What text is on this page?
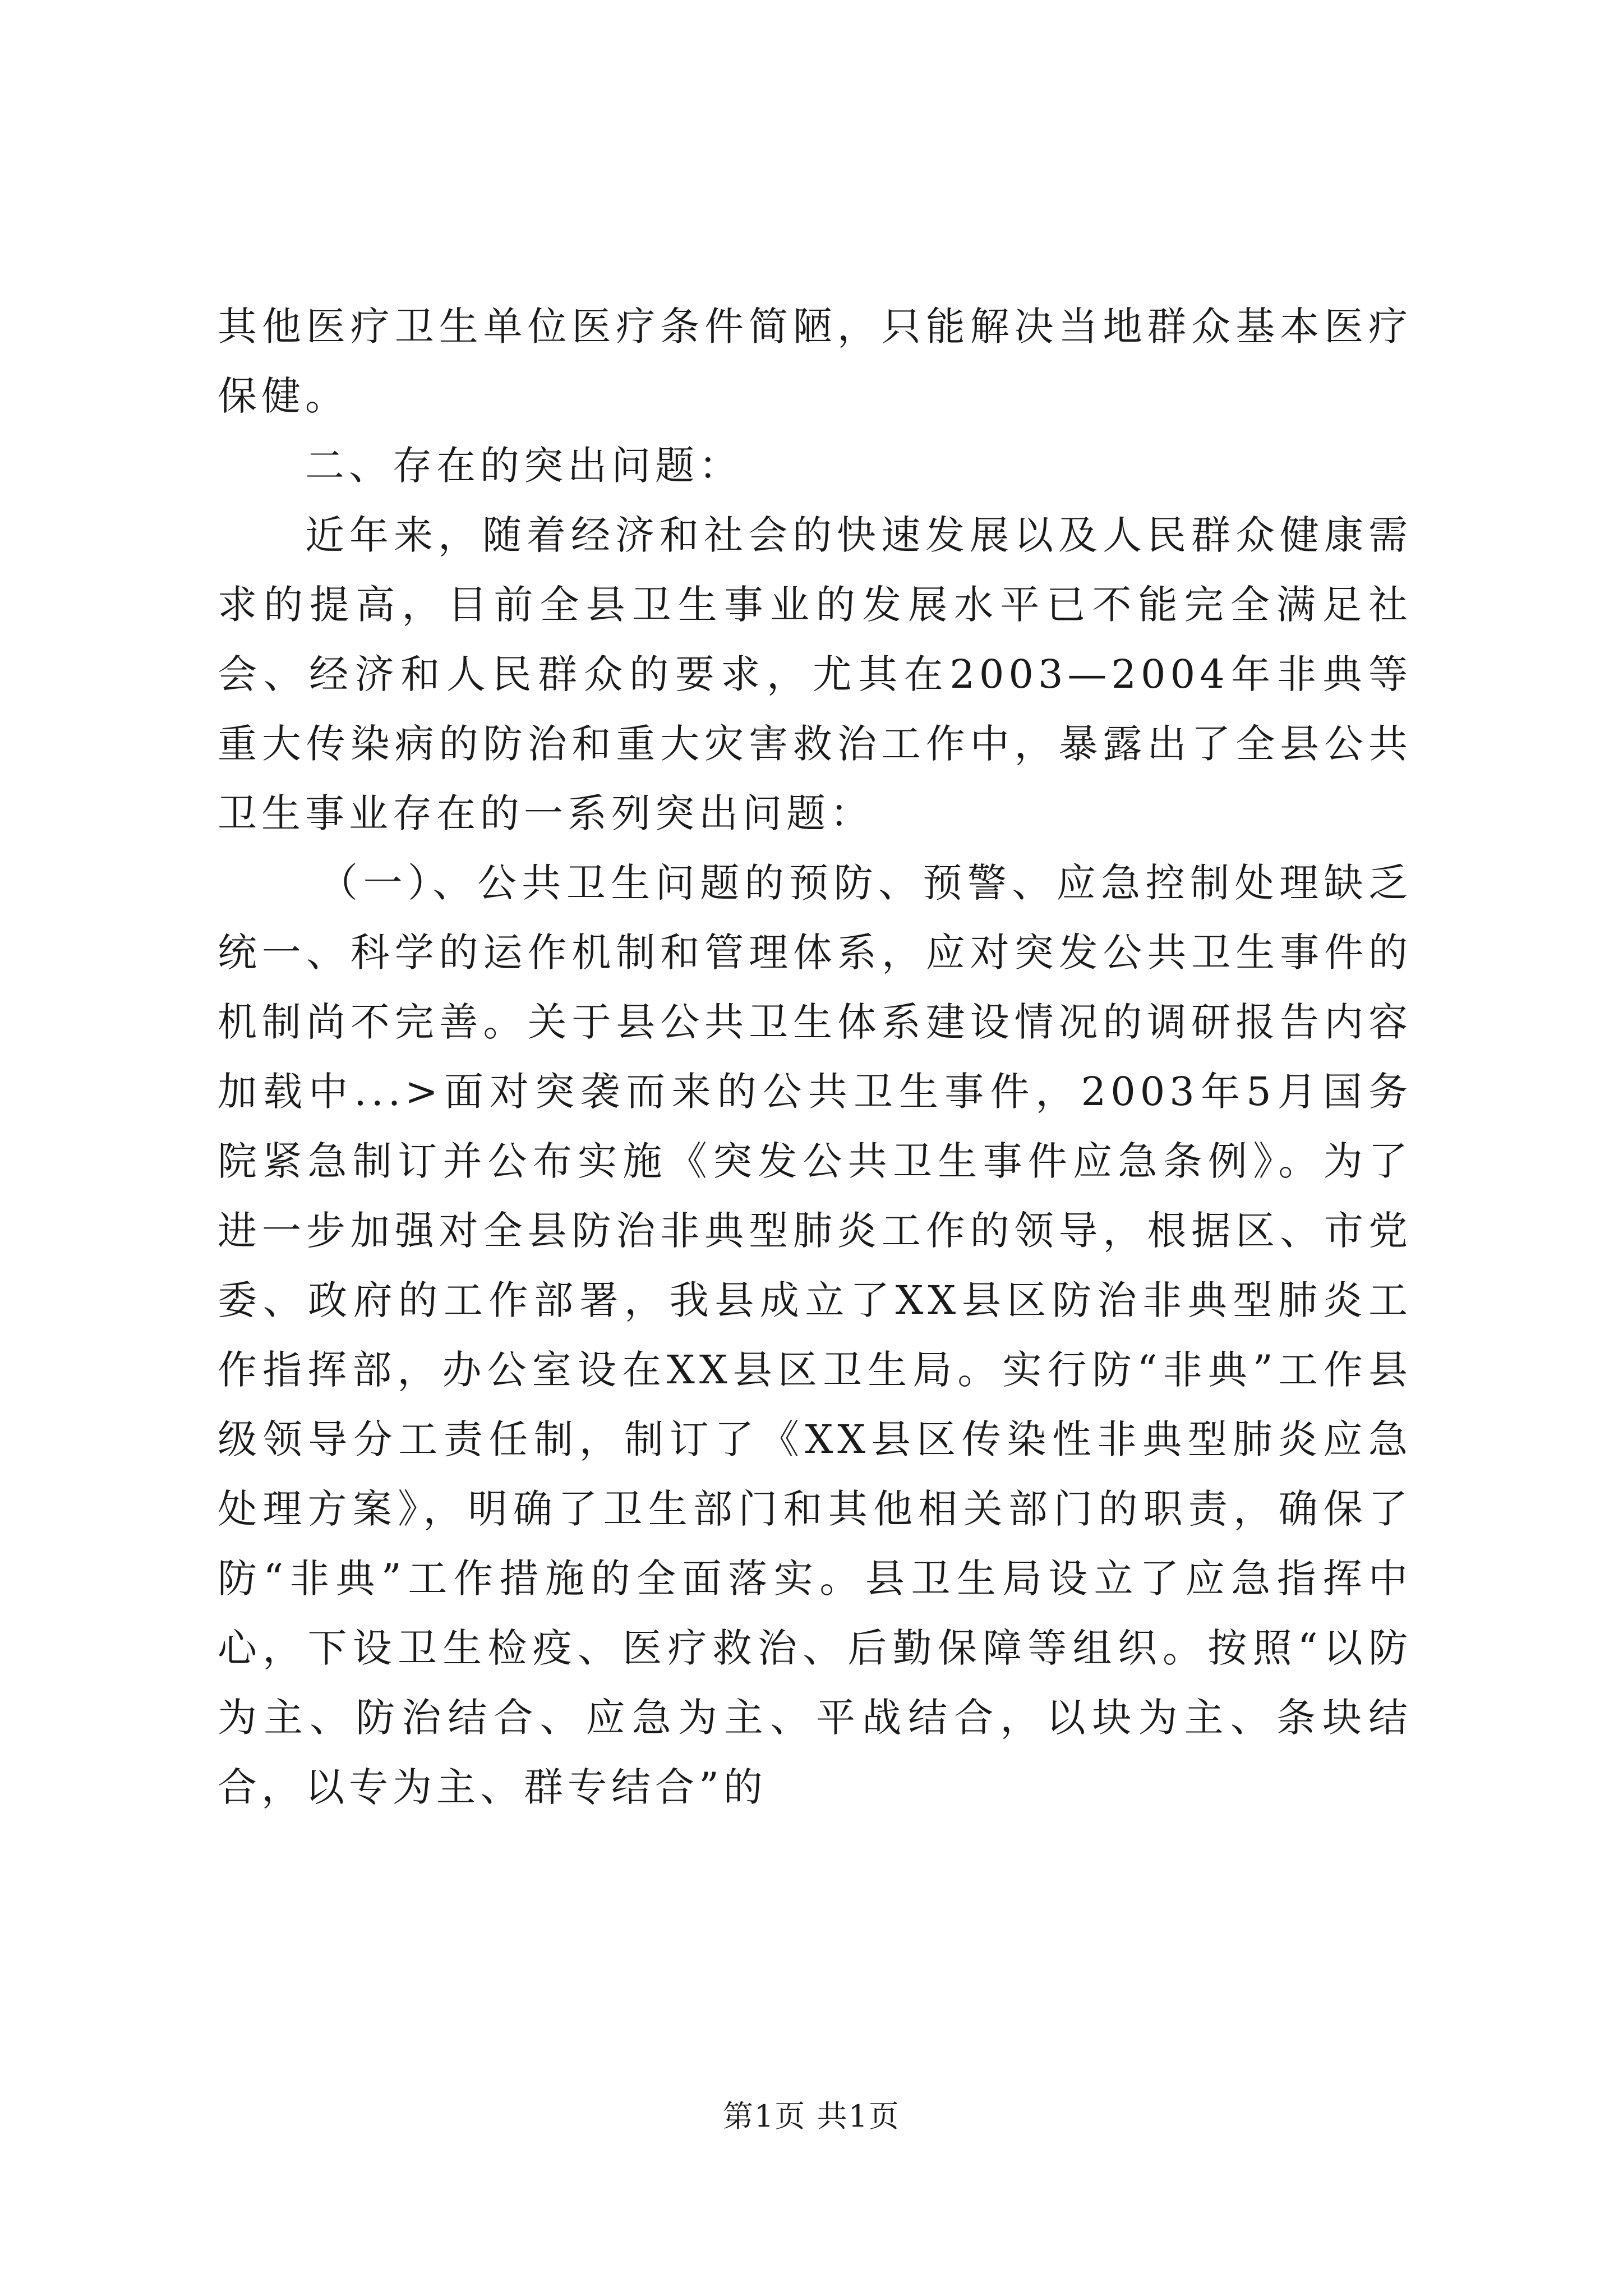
其他医疗卫生单位医疗条件简陋，只能解决当地群众基本医疗保健。

二、存在的突出问题：

近年来，随着经济和社会的快速发展以及人民群众健康需求的提高，目前全县卫生事业的发展水平已不能完全满足社会、经济和人民群众的要求，尤其在2003—2004年非典等重大传染病的防治和重大灾害救治工作中，暴露出了全县公共卫生事业存在的一系列突出问题：

（一）、公共卫生问题的预防、预警、应急控制处理缺乏统一、科学的运作机制和管理体系，应对突发公共卫生事件的机制尚不完善。关于县公共卫生体系建设情况的调研报告内容加载中...>面对突袭而来的公共卫生事件，2003年5月国务院紧急制订并公布实施《突发公共卫生事件应急条例》。为了进一步加强对全县防治非典型肺炎工作的领导，根据区、市党委、政府的工作部署，我县成立了XX县区防治非典型肺炎工作指挥部，办公室设在XX县区卫生局。实行防“非典”工作县级领导分工责任制，制订了《XX县区传染性非典型肺炎应急处理方案》，明确了卫生部门和其他相关部门的职责，确保了防“非典”工作措施的全面落实。县卫生局设立了应急指挥中心，下设卫生检疫、医疗救治、后勤保障等组织。按照“以防为主、防治结合、应急为主、平战结合，以块为主、条块结合，以专为主、群专结合”的

第1页 共1页
